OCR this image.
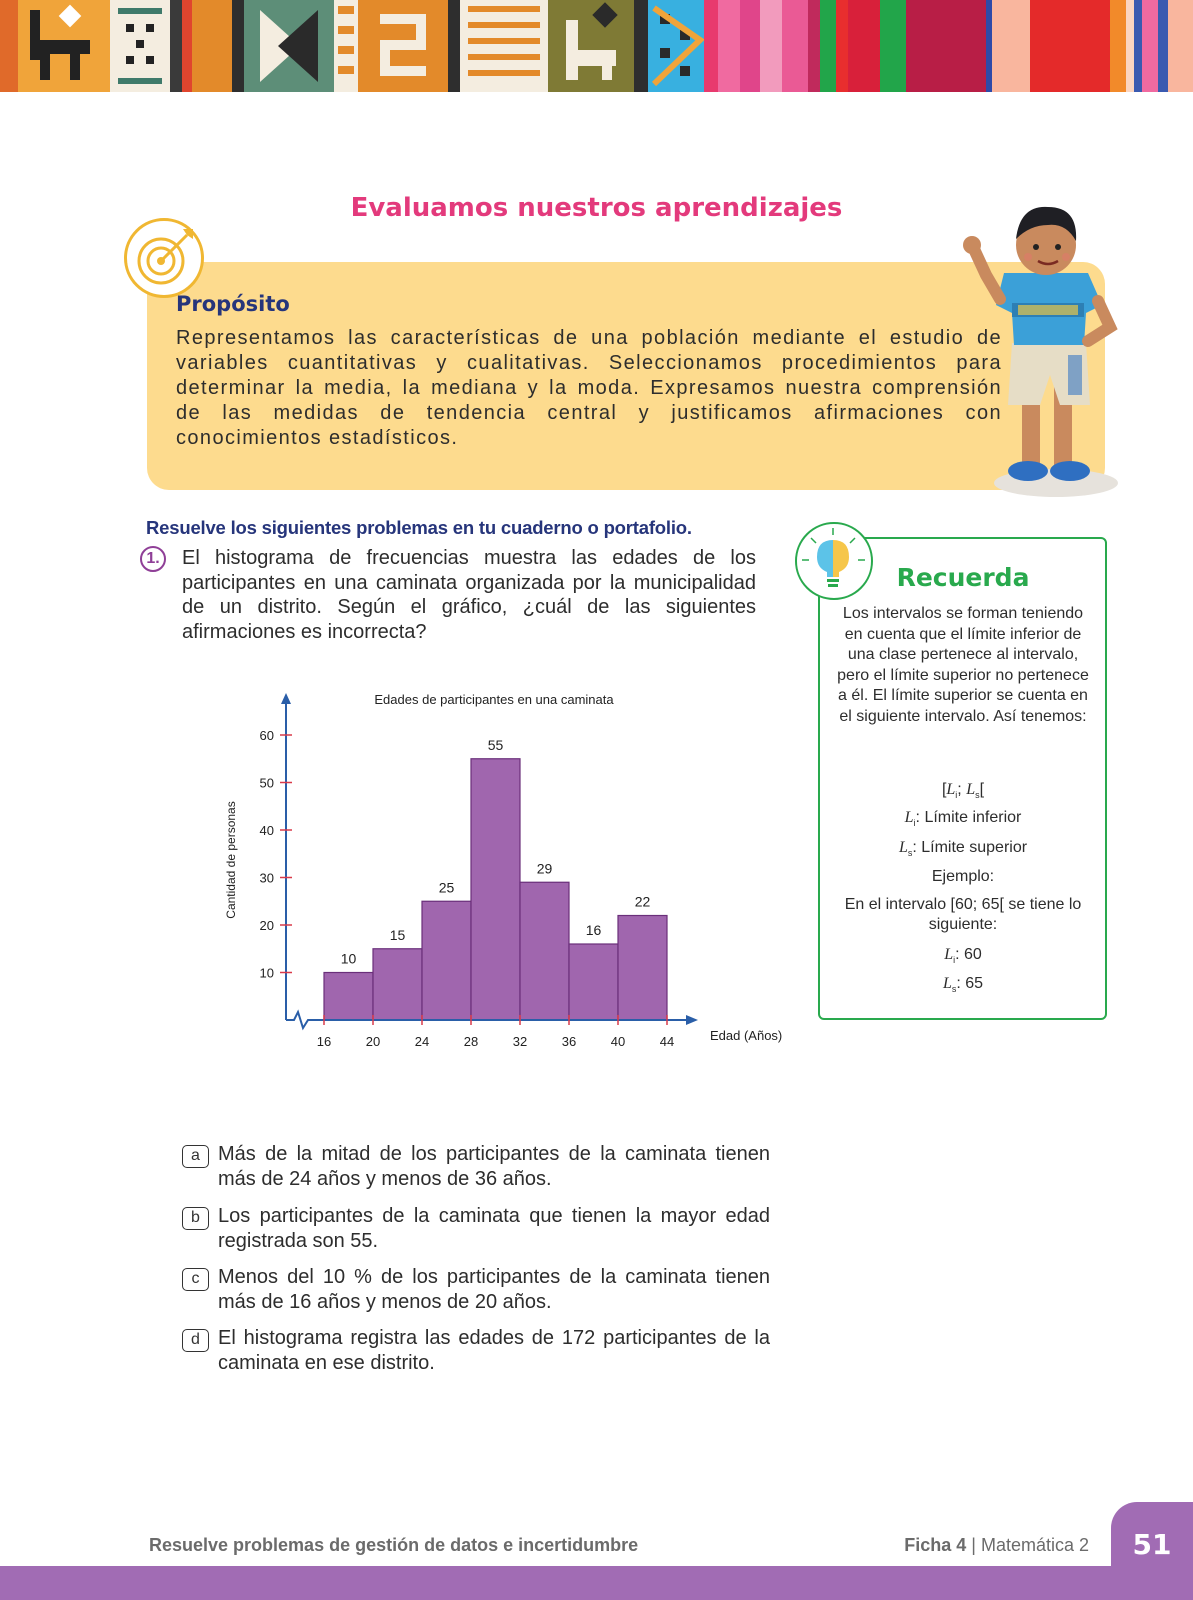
Evaluamos nuestros aprendizajes
Propósito
Representamos las características de una población mediante el estudio de variables cuantitativas y cualitativas. Seleccionamos procedimientos para determinar la media, la mediana y la moda. Expresamos nuestra comprensión de las medidas de tendencia central y justificamos afirmaciones con conocimientos estadísticos.
Resuelve los siguientes problemas en tu cuaderno o portafolio.
1.	El histograma de frecuencias muestra las edades de los participantes en una caminata organizada por la municipalidad de un distrito. Según el gráfico, ¿cuál de las siguientes afirmaciones es incorrecta?
Edades de participantes en una caminata
10
15
25
55
29
16
22
10
20
30
40
50
60
16	20	24	28	32	36	40	44	Edad (Años)
Cantidad de personas
a Más de la mitad de los participantes de la caminata tienen más de 24 años y menos de 36 años.
b Los participantes de la caminata que tienen la mayor edad registrada son 55.
c Menos del 10 % de los participantes de la caminata tienen más de 16 años y menos de 20 años.
d El histograma registra las edades de 172 participantes de la caminata en ese distrito.
Recuerda
Los intervalos se forman teniendo en cuenta que el límite inferior de una clase pertenece al intervalo, pero el límite superior no pertenece a él. El límite superior se cuenta en el siguiente intervalo. Así tenemos:
[$L_i$; $L_s$[
$L_i$: Límite inferior
$L_s$: Límite superior
Ejemplo:
En el intervalo [60; 65[ se tiene lo siguiente:
$L_i$: 60
$L_s$: 65
51
Resuelve problemas de gestión de datos e incertidumbre	Ficha 4 | Matemática 2
